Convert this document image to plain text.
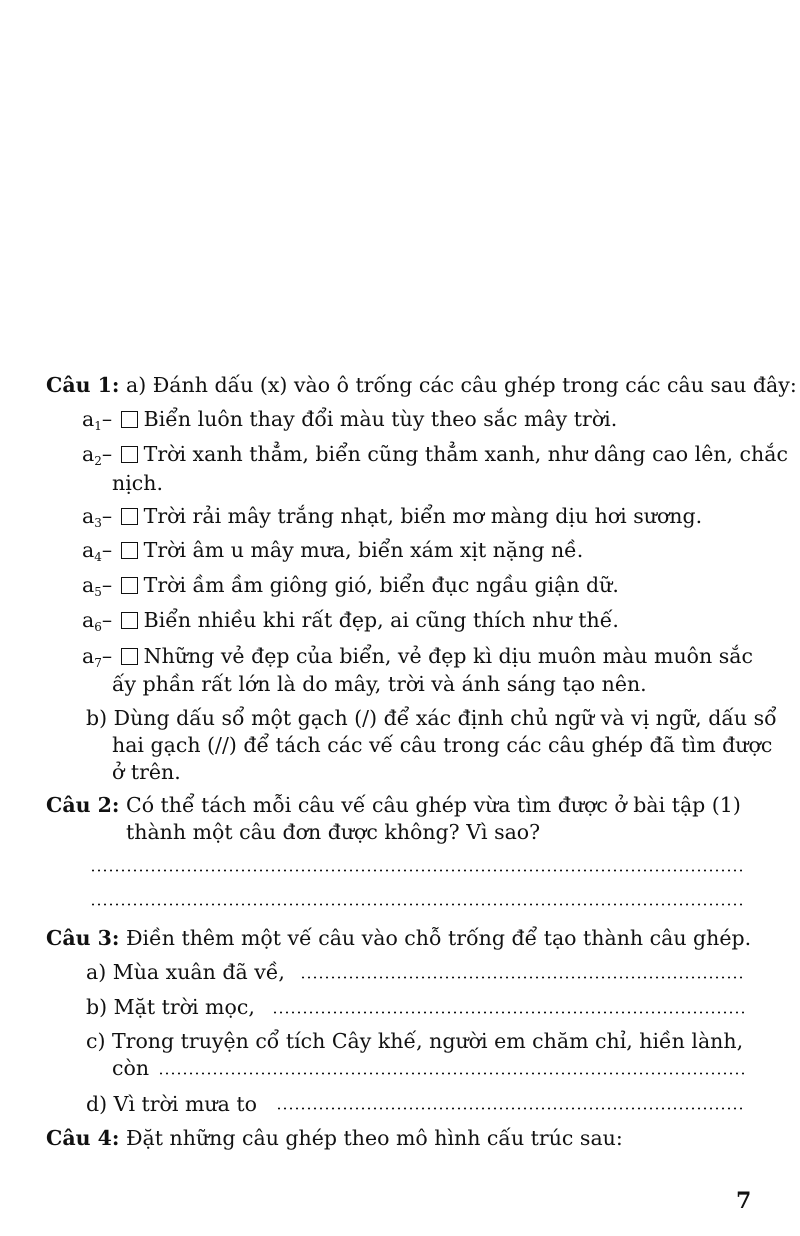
Câu 1: a) Đánh dấu (x) vào ô trống các câu ghép trong các câu sau đây:
$a_1-$ Biển luôn thay đổi màu tùy theo sắc mây trời.
$a_2-$ Trời xanh thẳm, biển cũng thẳm xanh, như dâng cao lên, chắc
nịch.
$a_3-$ Trời rải mây trắng nhạt, biển mơ màng dịu hơi sương.
$a_4-$ Trời âm u mây mưa, biển xám xịt nặng nề.
$a_5-$ Trời ầm ầm giông gió, biển đục ngầu giận dữ.
$a_6-$ Biển nhiều khi rất đẹp, ai cũng thích như thế.
$a_7-$ Những vẻ đẹp của biển, vẻ đẹp kì dịu muôn màu muôn sắc
ấy phần rất lớn là do mây, trời và ánh sáng tạo nên.
b) Dùng dấu sổ một gạch (/) để xác định chủ ngữ và vị ngữ, dấu sổ
hai gạch (//) để tách các vế câu trong các câu ghép đã tìm được
ở trên.
Câu 2: Có thể tách mỗi câu vế câu ghép vừa tìm được ở bài tập (1)
thành một câu đơn được không? Vì sao?
Câu 3: Điền thêm một vế câu vào chỗ trống để tạo thành câu ghép.
a) Mùa xuân đã về,
b) Mặt trời mọc,
c) Trong truyện cổ tích Cây khế, người em chăm chỉ, hiền lành,
còn
d) Vì trời mưa to
Câu 4: Đặt những câu ghép theo mô hình cấu trúc sau:
7
